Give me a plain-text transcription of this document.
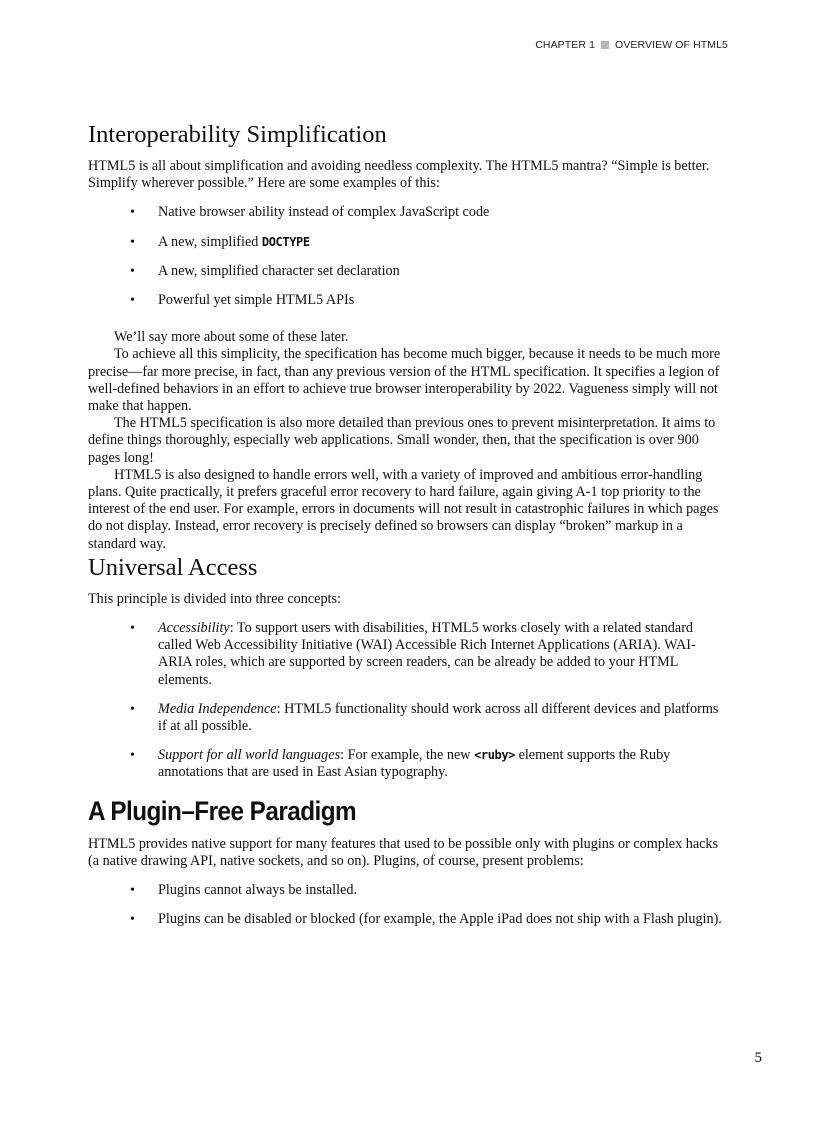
CHAPTER 1 OVERVIEW OF HTML5
Interoperability Simplification

HTML5 is all about simplification and avoiding needless complexity. The HTML5 mantra? “Simple is better. Simplify wherever possible.” Here are some examples of this:

• Native browser ability instead of complex JavaScript code
• A new, simplified DOCTYPE
• A new, simplified character set declaration
• Powerful yet simple HTML5 APIs

We’ll say more about some of these later.

To achieve all this simplicity, the specification has become much bigger, because it needs to be much more precise—far more precise, in fact, than any previous version of the HTML specification. It specifies a legion of well-defined behaviors in an effort to achieve true browser interoperability by 2022. Vagueness simply will not make that happen.

The HTML5 specification is also more detailed than previous ones to prevent misinterpretation. It aims to define things thoroughly, especially web applications. Small wonder, then, that the specification is over 900 pages long!

HTML5 is also designed to handle errors well, with a variety of improved and ambitious error-handling plans. Quite practically, it prefers graceful error recovery to hard failure, again giving A-1 top priority to the interest of the end user. For example, errors in documents will not result in catastrophic failures in which pages do not display. Instead, error recovery is precisely defined so browsers can display “broken” markup in a standard way.

Universal Access

This principle is divided into three concepts:

• Accessibility: To support users with disabilities, HTML5 works closely with a related standard called Web Accessibility Initiative (WAI) Accessible Rich Internet Applications (ARIA). WAI-ARIA roles, which are supported by screen readers, can be already be added to your HTML elements.
• Media Independence: HTML5 functionality should work across all different devices and platforms if at all possible.
• Support for all world languages: For example, the new <ruby> element supports the Ruby annotations that are used in East Asian typography.
A Plugin–Free Paradigm

HTML5 provides native support for many features that used to be possible only with plugins or complex hacks (a native drawing API, native sockets, and so on). Plugins, of course, present problems:

• Plugins cannot always be installed.
• Plugins can be disabled or blocked (for example, the Apple iPad does not ship with a Flash plugin).
5
